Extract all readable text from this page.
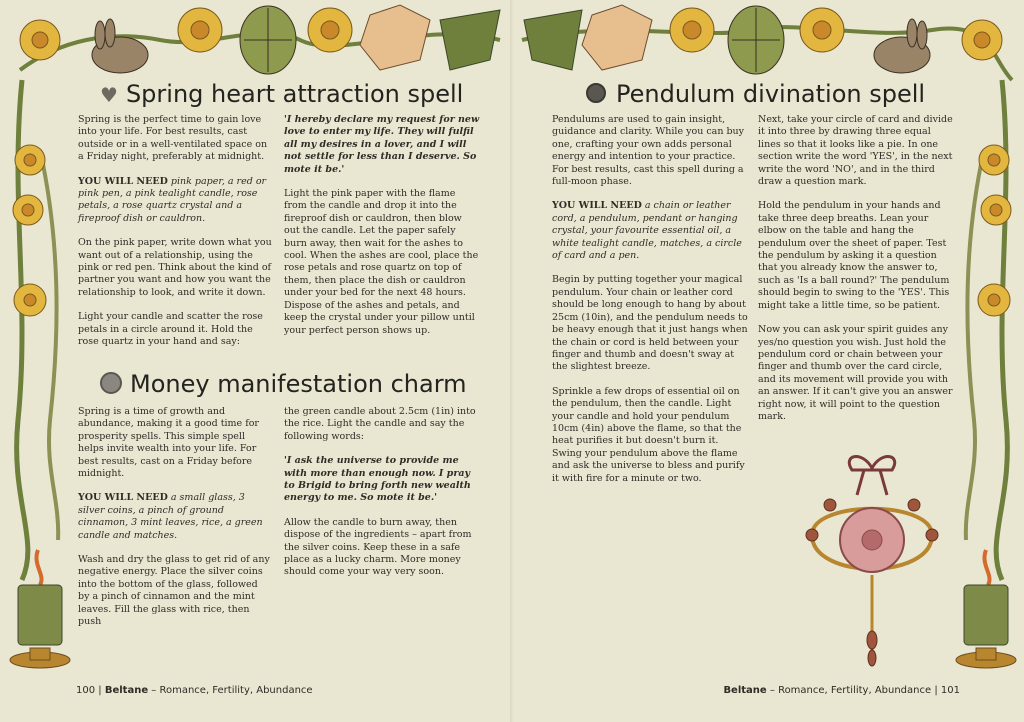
♥ Spring heart attraction spell

Spring is the perfect time to gain love into your life. For best results, cast outside or in a well-ventilated space on a Friday night, preferably at midnight.

YOU WILL NEED pink paper, a red or pink pen, a pink tealight candle, rose petals, a rose quartz crystal and a fireproof dish or cauldron.

On the pink paper, write down what you want out of a relationship, using the pink or red pen. Think about the kind of partner you want and how you want the relationship to look, and write it down.

Light your candle and scatter the rose petals in a circle around it. Hold the rose quartz in your hand and say:

'I hereby declare my request for new love to enter my life. They will fulfil all my desires in a lover, and I will not settle for less than I deserve. So mote it be.'

Light the pink paper with the flame from the candle and drop it into the fireproof dish or cauldron, then blow out the candle. Let the paper safely burn away, then wait for the ashes to cool. When the ashes are cool, place the rose petals and rose quartz on top of them, then place the dish or cauldron under your bed for the next 48 hours. Dispose of the ashes and petals, and keep the crystal under your pillow until your perfect person shows up.

Money manifestation charm

Spring is a time of growth and abundance, making it a good time for prosperity spells. This simple spell helps invite wealth into your life. For best results, cast on a Friday before midnight.

YOU WILL NEED a small glass, 3 silver coins, a pinch of ground cinnamon, 3 mint leaves, rice, a green candle and matches.

Wash and dry the glass to get rid of any negative energy. Place the silver coins into the bottom of the glass, followed by a pinch of cinnamon and the mint leaves. Fill the glass with rice, then push

the green candle about 2.5cm (1in) into the rice. Light the candle and say the following words:

'I ask the universe to provide me with more than enough now. I pray to Brigid to bring forth new wealth energy to me. So mote it be.'

Allow the candle to burn away, then dispose of the ingredients – apart from the silver coins. Keep these in a safe place as a lucky charm. More money should come your way very soon.

100 | Beltane – Romance, Fertility, Abundance
Pendulum divination spell

Pendulums are used to gain insight, guidance and clarity. While you can buy one, crafting your own adds personal energy and intention to your practice. For best results, cast this spell during a full-moon phase.

YOU WILL NEED a chain or leather cord, a pendulum, pendant or hanging crystal, your favourite essential oil, a white tealight candle, matches, a circle of card and a pen.

Begin by putting together your magical pendulum. Your chain or leather cord should be long enough to hang by about 25cm (10in), and the pendulum needs to be heavy enough that it just hangs when the chain or cord is held between your finger and thumb and doesn't sway at the slightest breeze.

Sprinkle a few drops of essential oil on the pendulum, then the candle. Light your candle and hold your pendulum 10cm (4in) above the flame, so that the heat purifies it but doesn't burn it. Swing your pendulum above the flame and ask the universe to bless and purify it with fire for a minute or two.

Next, take your circle of card and divide it into three by drawing three equal lines so that it looks like a pie. In one section write the word 'YES', in the next write the word 'NO', and in the third draw a question mark.

Hold the pendulum in your hands and take three deep breaths. Lean your elbow on the table and hang the pendulum over the sheet of paper. Test the pendulum by asking it a question that you already know the answer to, such as 'Is a ball round?' The pendulum should begin to swing to the 'YES'. This might take a little time, so be patient.

Now you can ask your spirit guides any yes/no question you wish. Just hold the pendulum cord or chain between your finger and thumb over the card circle, and its movement will provide you with an answer. If it can't give you an answer right now, it will point to the question mark.

Beltane – Romance, Fertility, Abundance | 101
